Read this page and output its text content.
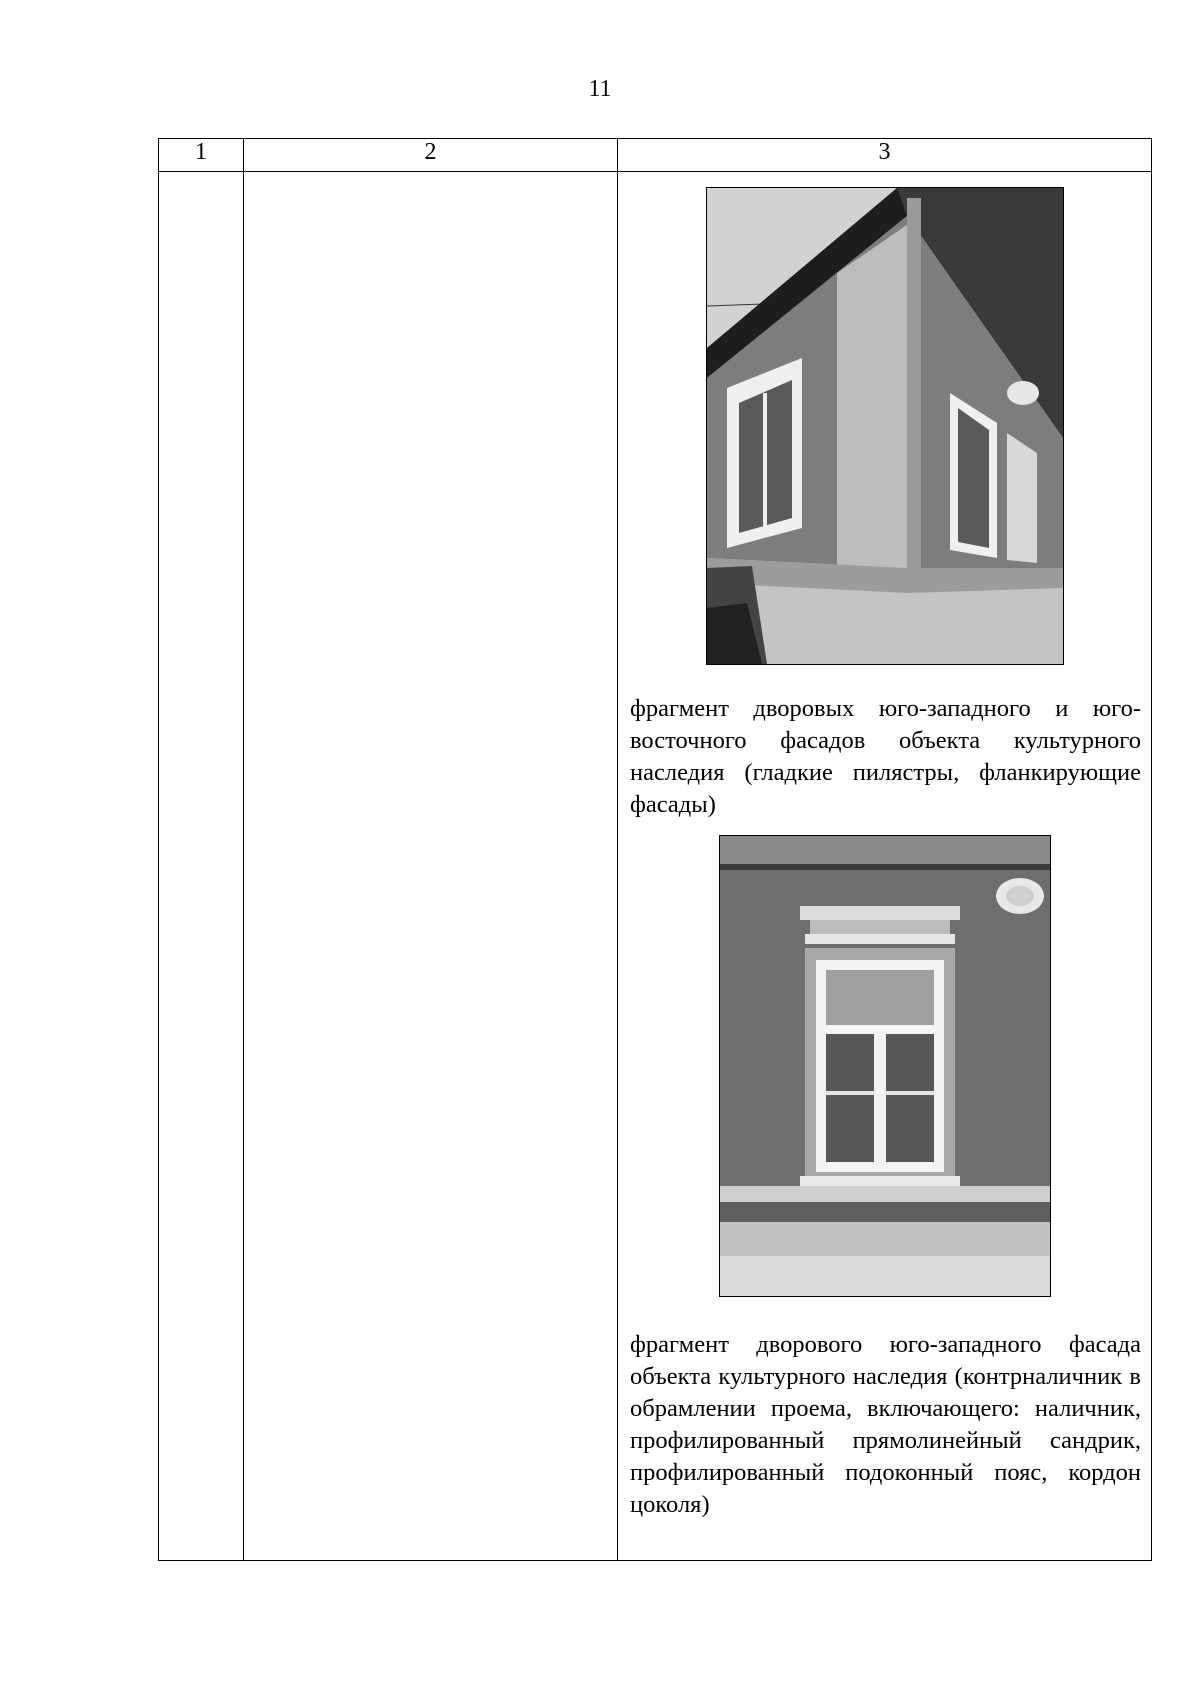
11
1	2	3

		фрагмент дворовых юго-западного и юго-восточного фасадов объекта культурного наследия (гладкие пилястры, фланкирующие фасады)
фрагмент дворового юго-западного фасада объекта культурного наследия (контрналичник в обрамлении проема, включающего: наличник, профилированный прямолинейный сандрик, профилированный подоконный пояс, кордон цоколя)
